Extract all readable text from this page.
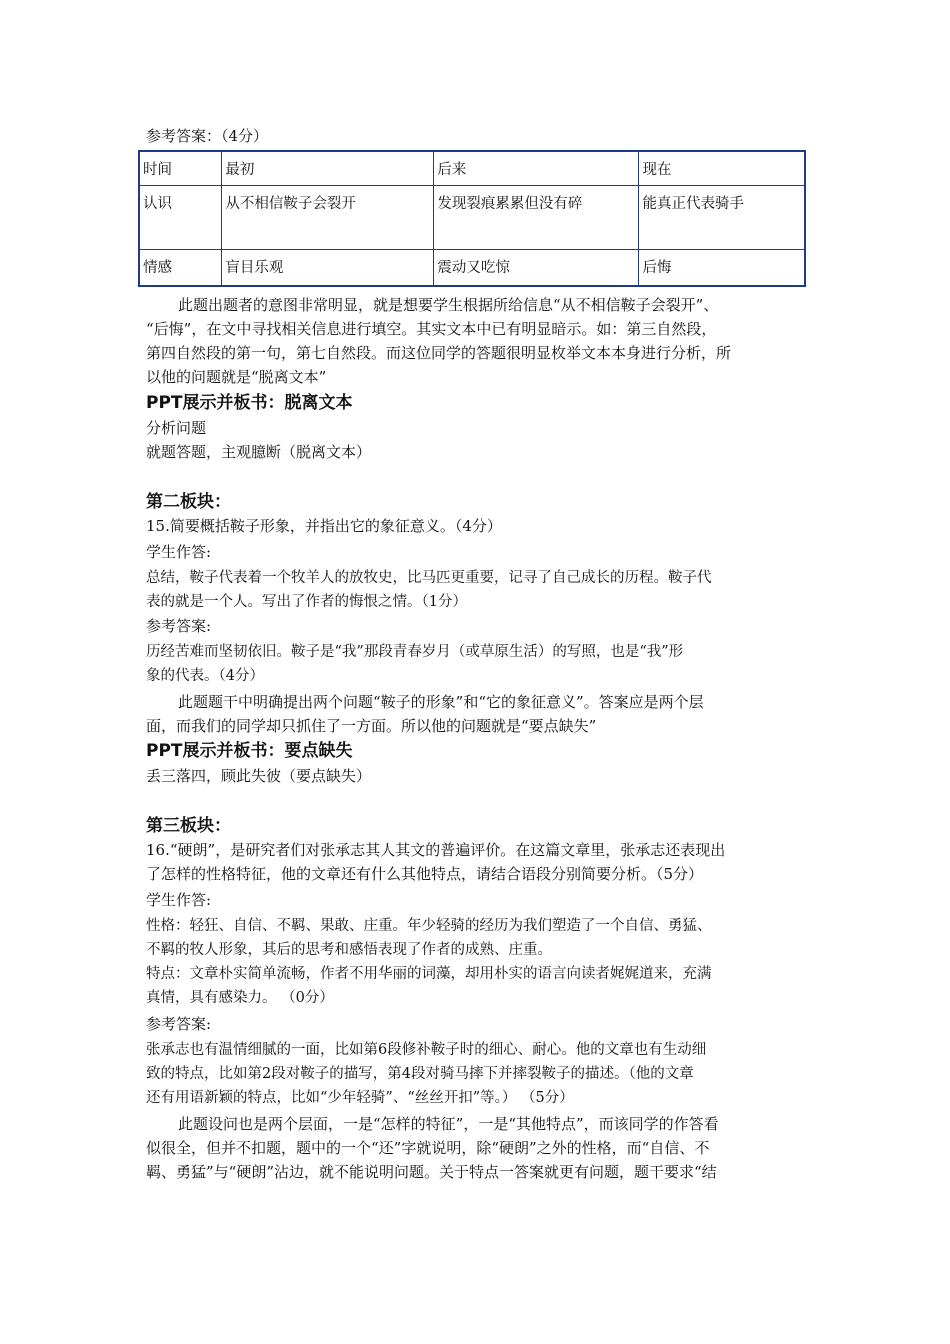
参考答案：（4分）

时间	最初	后来	现在
认识	从不相信鞍子会裂开	发现裂痕累累但没有碎	能真正代表骑手
情感	盲目乐观	震动又吃惊	后悔

此题出题者的意图非常明显，就是想要学生根据所给信息“从不相信鞍子会裂开”、

“后悔”，在文中寻找相关信息进行填空。其实文本中已有明显暗示。如：第三自然段，

第四自然段的第一句，第七自然段。而这位同学的答题很明显枚举文本本身进行分析，所

以他的问题就是“脱离文本”

PPT展示并板书：脱离文本

分析问题

就题答题，主观臆断（脱离文本）

第二板块：

15.简要概括鞍子形象，并指出它的象征意义。（4分）

学生作答:

总结，鞍子代表着一个牧羊人的放牧史，比马匹更重要，记寻了自己成长的历程。鞍子代

表的就是一个人。写出了作者的悔恨之情。（1分）

参考答案:

历经苦难而坚韧依旧。鞍子是“我”那段青春岁月（或草原生活）的写照，也是“我”形

象的代表。（4分）

此题题干中明确提出两个问题“鞍子的形象”和“它的象征意义”。答案应是两个层

面，而我们的同学却只抓住了一方面。所以他的问题就是“要点缺失”

PPT展示并板书：要点缺失

丢三落四，顾此失彼（要点缺失）

第三板块：

16.“硬朗”，是研究者们对张承志其人其文的普遍评价。在这篇文章里，张承志还表现出

了怎样的性格特征，他的文章还有什么其他特点，请结合语段分别简要分析。（5分）

学生作答:

性格：轻狂、自信、不羁、果敢、庄重。年少轻骑的经历为我们塑造了一个自信、勇猛、

不羁的牧人形象，其后的思考和感悟表现了作者的成熟、庄重。

特点：文章朴实简单流畅，作者不用华丽的词藻，却用朴实的语言向读者娓娓道来，充满

真情，具有感染力。 （0分）

参考答案:

张承志也有温情细腻的一面，比如第6段修补鞍子时的细心、耐心。他的文章也有生动细

致的特点，比如第2段对鞍子的描写，第4段对骑马摔下并摔裂鞍子的描述。（他的文章

还有用语新颖的特点，比如“少年轻骑”、“丝丝开扣”等。） （5分）

此题设问也是两个层面，一是“怎样的特征”，一是“其他特点”，而该同学的作答看

似很全，但并不扣题，题中的一个“还”字就说明，除“硬朗”之外的性格，而“自信、不

羁、勇猛”与“硬朗”沾边，就不能说明问题。关于特点一答案就更有问题，题干要求“结
